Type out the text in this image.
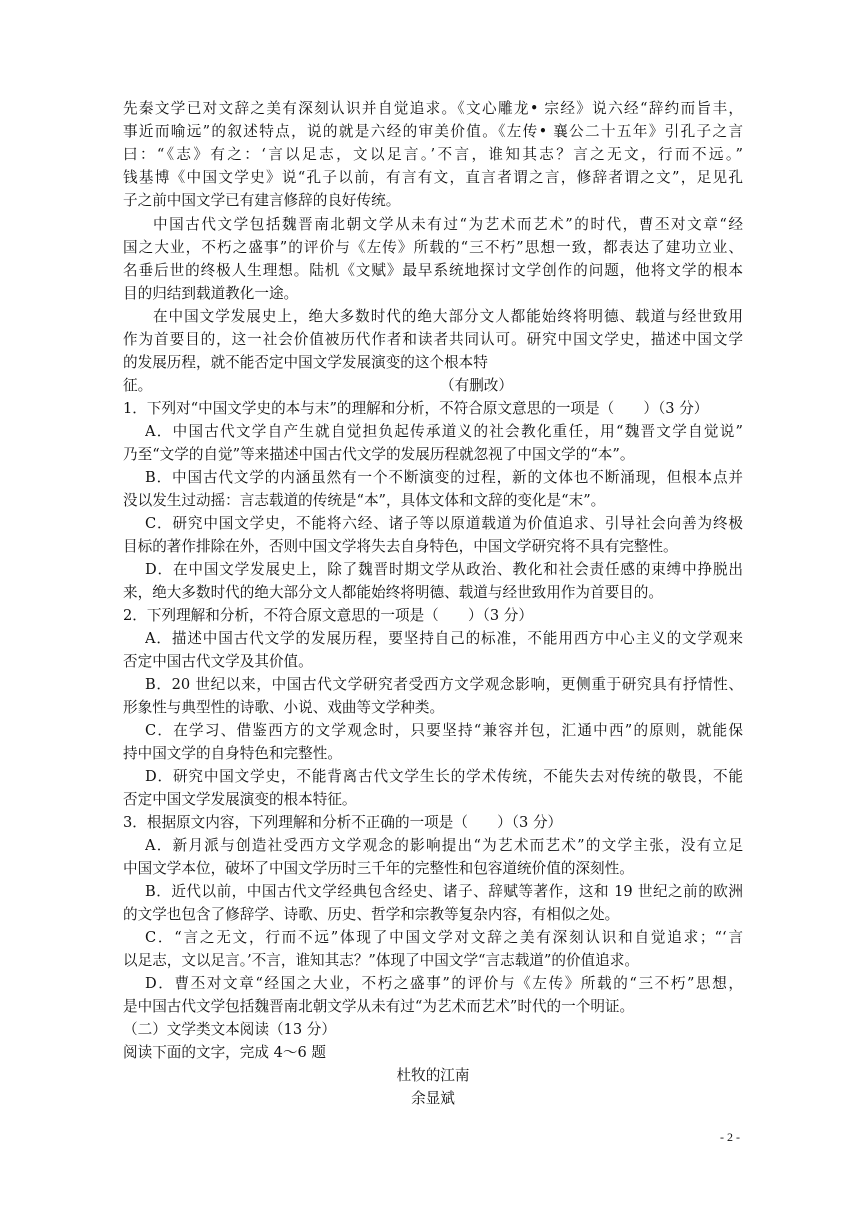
先秦文学已对文辞之美有深刻认识并自觉追求。《文心雕龙• 宗经》说六经“辞约而旨丰，
事近而喻远”的叙述特点，说的就是六经的审美价值。《左传• 襄公二十五年》引孔子之言
曰：“《志》有之：‘言以足志，文以足言。’不言，谁知其志？言之无文，行而不远。”
钱基博《中国文学史》说“孔子以前，有言有文，直言者谓之言，修辞者谓之文”，足见孔
子之前中国文学已有建言修辞的良好传统。
中国古代文学包括魏晋南北朝文学从未有过“为艺术而艺术”的时代，曹丕对文章“经
国之大业，不朽之盛事”的评价与《左传》所载的“三不朽”思想一致，都表达了建功立业、
名垂后世的终极人生理想。陆机《文赋》最早系统地探讨文学创作的问题，他将文学的根本
目的归结到载道教化一途。
在中国文学发展史上，绝大多数时代的绝大部分文人都能始终将明德、载道与经世致用
作为首要目的，这一社会价值被历代作者和读者共同认可。研究中国文学史，描述中国文学
的发展历程，就不能否定中国文学发展演变的这个根本特
征。	（有删改）
1．下列对“中国文学史的本与末”的理解和分析，不符合原文意思的一项是（　　）（3 分）
A．中国古代文学自产生就自觉担负起传承道义的社会教化重任，用“魏晋文学自觉说”
乃至“文学的自觉”等来描述中国古代文学的发展历程就忽视了中国文学的“本”。
B．中国古代文学的内涵虽然有一个不断演变的过程，新的文体也不断涌现，但根本点并
没以发生过动摇：言志载道的传统是“本”，具体文体和文辞的变化是“末”。
C．研究中国文学史，不能将六经、诸子等以原道载道为价值追求、引导社会向善为终极
目标的著作排除在外，否则中国文学将失去自身特色，中国文学研究将不具有完整性。
D．在中国文学发展史上，除了魏晋时期文学从政治、教化和社会责任感的束缚中挣脱出
来，绝大多数时代的绝大部分文人都能始终将明德、载道与经世致用作为首要目的。
2．下列理解和分析，不符合原文意思的一项是（　　）（3 分）
A．描述中国古代文学的发展历程，要坚持自己的标准，不能用西方中心主义的文学观来
否定中国古代文学及其价值。
B．20 世纪以来，中国古代文学研究者受西方文学观念影响，更侧重于研究具有抒情性、
形象性与典型性的诗歌、小说、戏曲等文学种类。
C．在学习、借鉴西方的文学观念时，只要坚持“兼容并包，汇通中西”的原则，就能保
持中国文学的自身特色和完整性。
D．研究中国文学史，不能背离古代文学生长的学术传统，不能失去对传统的敬畏，不能
否定中国文学发展演变的根本特征。
3．根据原文内容，下列理解和分析不正确的一项是（　　）（3 分）
A．新月派与创造社受西方文学观念的影响提出“为艺术而艺术”的文学主张，没有立足
中国文学本位，破坏了中国文学历时三千年的完整性和包容道统价值的深刻性。
B．近代以前，中国古代文学经典包含经史、诸子、辞赋等著作，这和 19 世纪之前的欧洲
的文学也包含了修辞学、诗歌、历史、哲学和宗教等复杂内容，有相似之处。
C．“言之无文，行而不远”体现了中国文学对文辞之美有深刻认识和自觉追求；“‘言
以足志，文以足言。’不言，谁知其志？”体现了中国文学“言志载道”的价值追求。
D．曹丕对文章“经国之大业，不朽之盛事”的评价与《左传》所载的“三不朽”思想，
是中国古代文学包括魏晋南北朝文学从未有过“为艺术而艺术”时代的一个明证。
（二）文学类文本阅读（13 分）
阅读下面的文字，完成 4～6 题
杜牧的江南
余显斌
- 2 -
